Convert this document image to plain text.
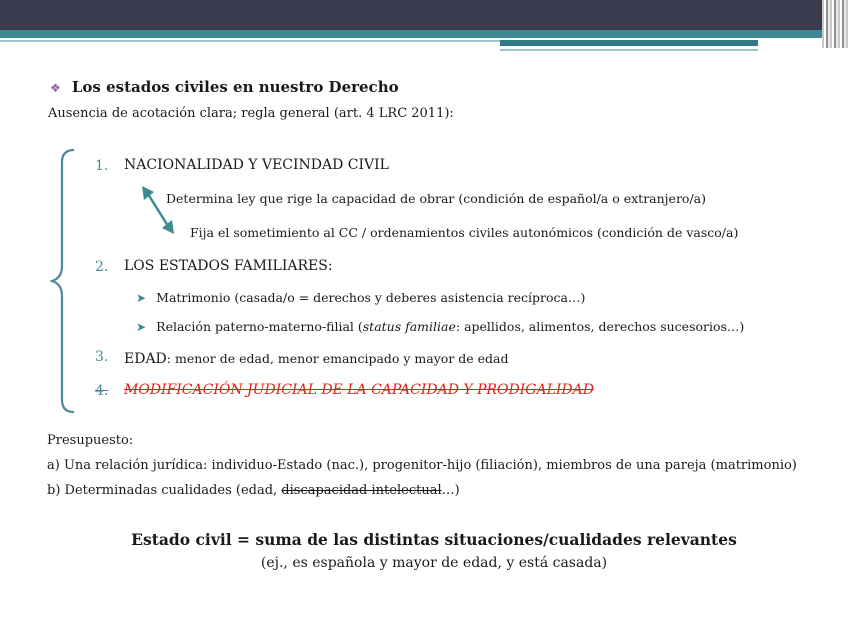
❖ Los estados civiles en nuestro Derecho
Ausencia de acotación clara; regla general (art. 4 LRC 2011):
1. NACIONALIDAD Y VECINDAD CIVIL
Determina ley que rige la capacidad de obrar (condición de español/a o extranjero/a)
Fija el sometimiento al CC / ordenamientos civiles autonómicos (condición de vasco/a)
2. LOS ESTADOS FAMILIARES:
➤ Matrimonio (casada/o = derechos y deberes asistencia recíproca…)
➤ Relación paterno-materno-filial (status familiae: apellidos, alimentos, derechos sucesorios…)
3. EDAD: menor de edad, menor emancipado y mayor de edad
4. MODIFICACIÓN JUDICIAL DE LA CAPACIDAD Y PRODIGALIDAD
Presupuesto:
a) Una relación jurídica: individuo-Estado (nac.), progenitor-hijo (filiación), miembros de una pareja (matrimonio)
b) Determinadas cualidades (edad, discapacidad intelectual…)
Estado civil = suma de las distintas situaciones/cualidades relevantes
(ej., es española y mayor de edad, y está casada)
